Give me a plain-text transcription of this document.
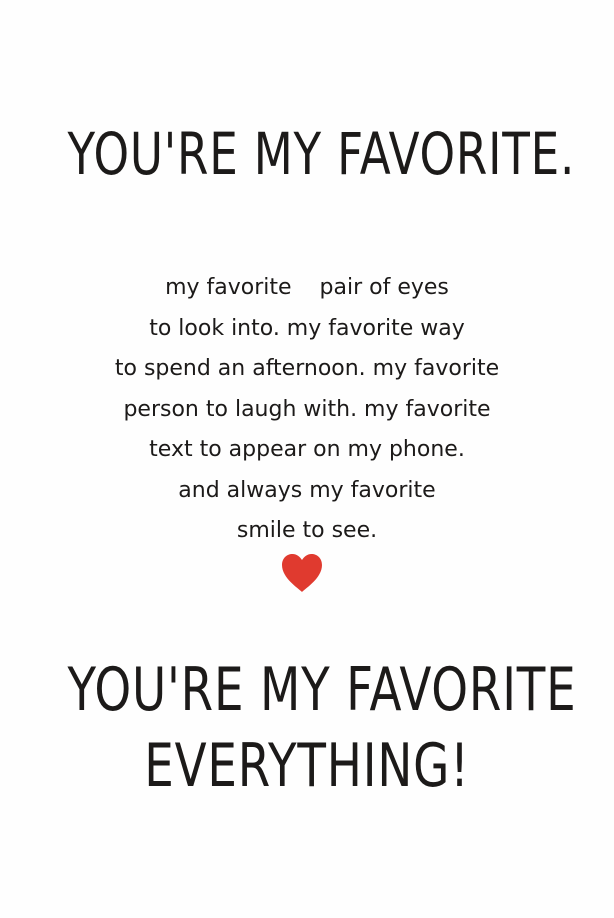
YOU'RE MY FAVORITE.

my favorite    pair of eyes
to look into. my favorite way
to spend an afternoon. my favorite
person to laugh with. my favorite
text to appear on my phone.
and always my favorite
smile to see.

YOU'RE MY FAVORITE
EVERYTHING!
